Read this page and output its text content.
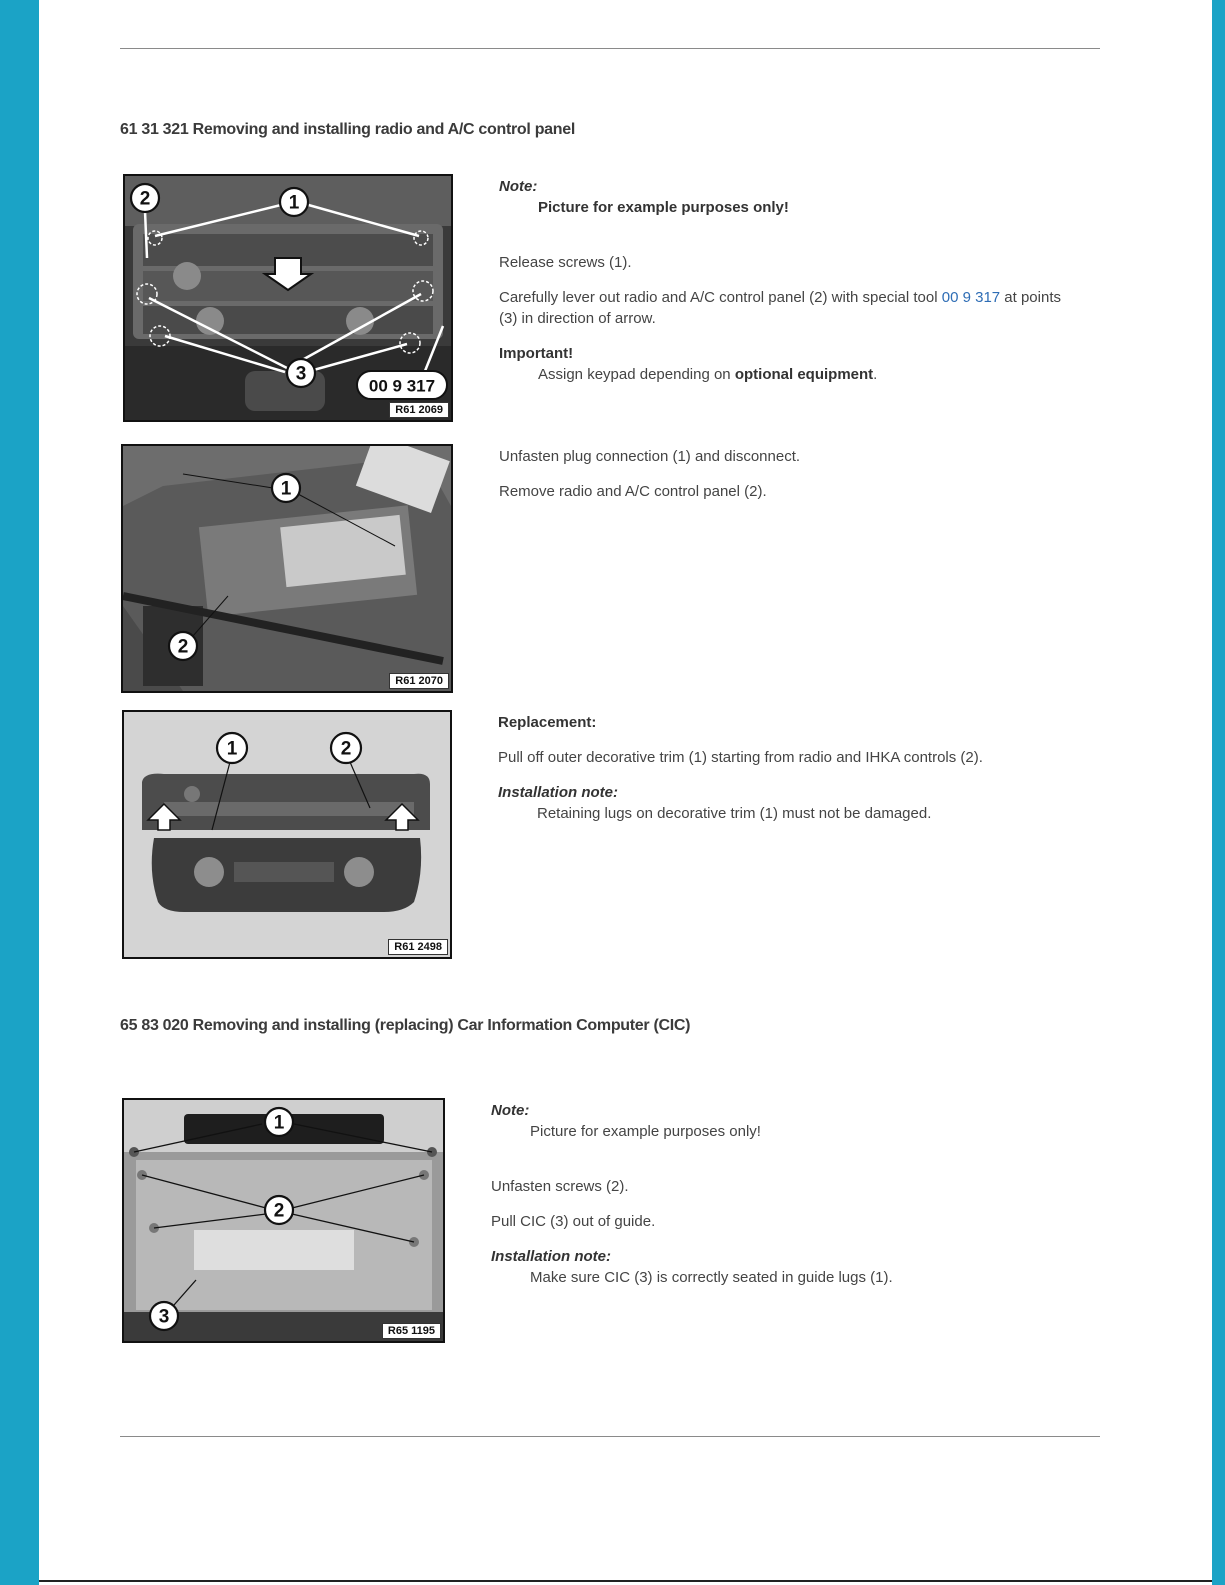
61 31 321 Removing and installing radio and A/C control panel
1
2
3
00 9 317
R61 2069

Note:

Picture for example purposes only!

Release screws (1).

Carefully lever out radio and A/C control panel (2) with special tool 00 9 317 at points (3) in direction of arrow.

Important!

Assign keypad depending on optional equipment.

1
2
R61 2070

Unfasten plug connection (1) and disconnect.

Remove radio and A/C control panel (2).

1	2
R61 2498

Replacement:

Pull off outer decorative trim (1) starting from radio and IHKA controls (2).

Installation note:

Retaining lugs on decorative trim (1) must not be damaged.

65 83 020 Removing and installing (replacing) Car Information Computer (CIC)
1
2
3
R65 1195

Note:

Picture for example purposes only!

Unfasten screws (2).

Pull CIC (3) out of guide.

Installation note:

Make sure CIC (3) is correctly seated in guide lugs (1).
